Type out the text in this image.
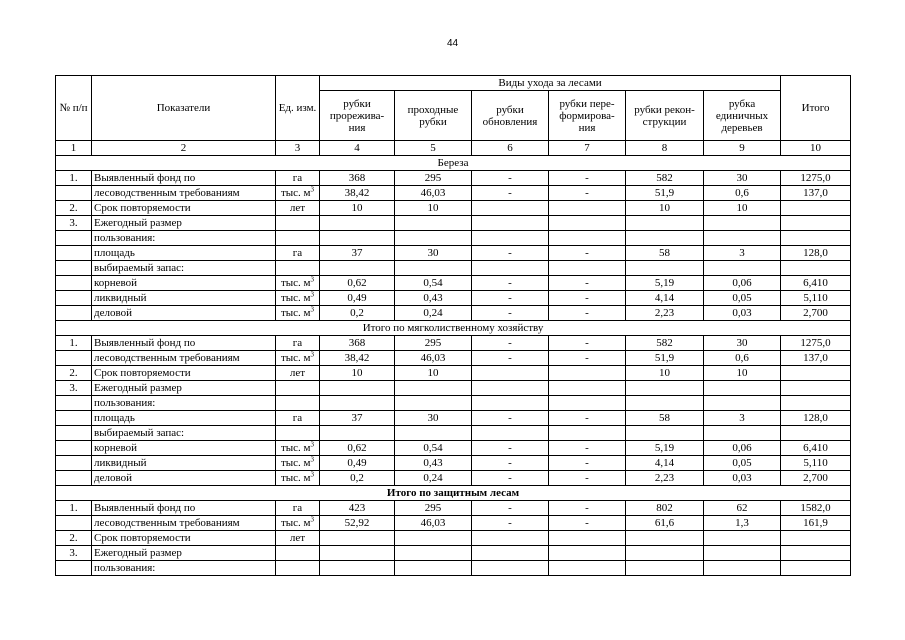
44
№ п/п	Показатели	Ед. изм.	Виды ухода за лесами						Итого
			рубки прорежива-ния	проходные рубки	рубки обновления	рубки пере-формирова-ния	рубки рекон-струкции	рубка единичных деревьев	
1	2	3	4	5	6	7	8	9	10
Береза									
1.	Выявленный фонд по	га	368	295	-	-	582	30	1275,0
	лесоводственным требованиям	тыс. $м^3$	38,42	46,03	-	-	51,9	0,6	137,0
2.	Срок повторяемости	лет	10	10			10	10	
3.	Ежегодный размер								
	пользования:								
	площадь	га	37	30	-	-	58	3	128,0
	выбираемый запас:								
	корневой	тыс. $м^3$	0,62	0,54	-	-	5,19	0,06	6,410
	ликвидный	тыс. $м^3$	0,49	0,43	-	-	4,14	0,05	5,110
	деловой	тыс. $м^3$	0,2	0,24	-	-	2,23	0,03	2,700
Итого по мягколиственному хозяйству									
1.	Выявленный фонд по	га	368	295	-	-	582	30	1275,0
	лесоводственным требованиям	тыс. $м^3$	38,42	46,03	-	-	51,9	0,6	137,0
2.	Срок повторяемости	лет	10	10			10	10	
3.	Ежегодный размер								
	пользования:								
	площадь	га	37	30	-	-	58	3	128,0
	выбираемый запас:								
	корневой	тыс. $м^3$	0,62	0,54	-	-	5,19	0,06	6,410
	ликвидный	тыс. $м^3$	0,49	0,43	-	-	4,14	0,05	5,110
	деловой	тыс. $м^3$	0,2	0,24	-	-	2,23	0,03	2,700
Итого по защитным лесам									
1.	Выявленный фонд по	га	423	295	-	-	802	62	1582,0
	лесоводственным требованиям	тыс. $м^3$	52,92	46,03	-	-	61,6	1,3	161,9
2.	Срок повторяемости	лет							
3.	Ежегодный размер								
	пользования:								
